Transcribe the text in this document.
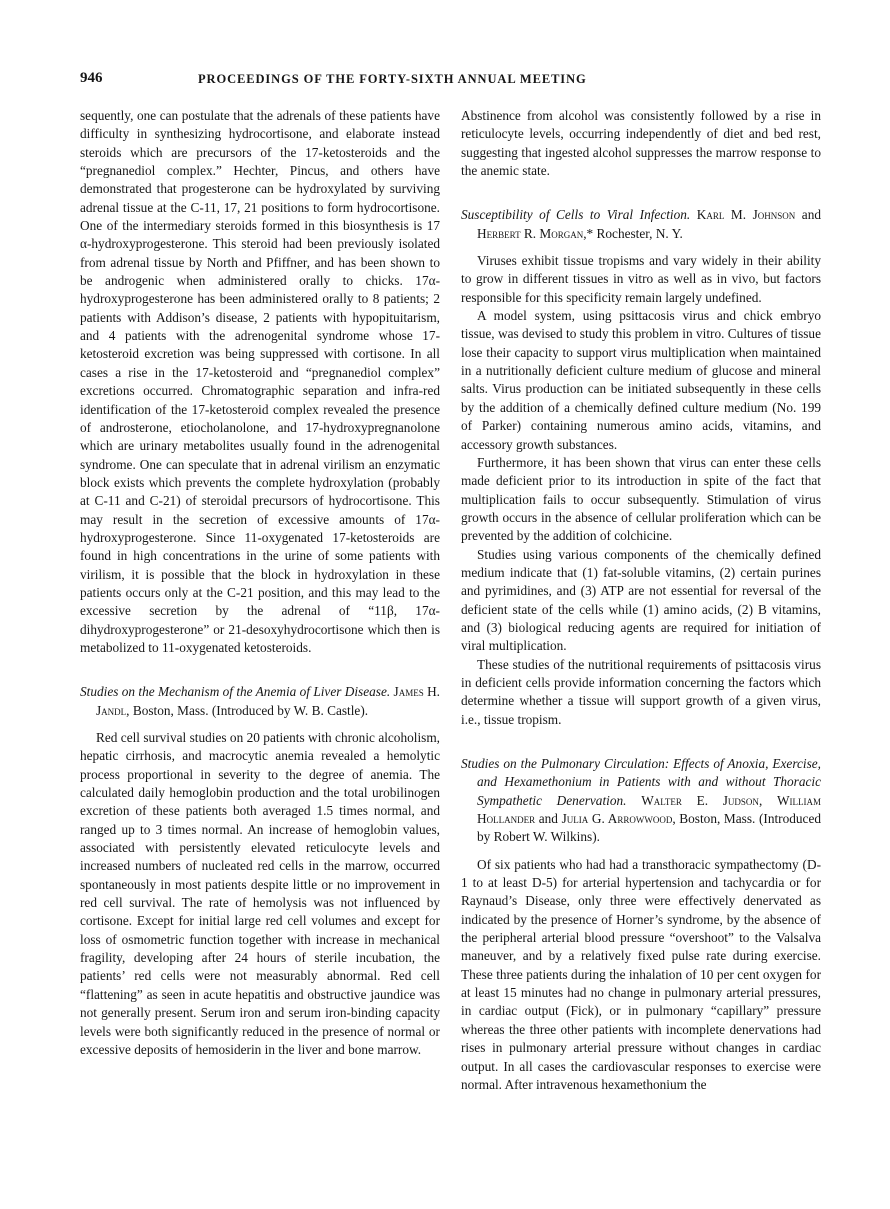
946	PROCEEDINGS OF THE FORTY-SIXTH ANNUAL MEETING

sequently, one can postulate that the adrenals of these patients have difficulty in synthesizing hydrocortisone, and elaborate instead steroids which are precursors of the 17-ketosteroids and the “pregnanediol complex.” Hechter, Pincus, and others have demonstrated that progesterone can be hydroxylated by surviving adrenal tissue at the C-11, 17, 21 positions to form hydrocortisone. One of the intermediary steroids formed in this biosynthesis is 17 α-hydroxyprogesterone. This steroid had been previously isolated from adrenal tissue by North and Pfiffner, and has been shown to be androgenic when administered orally to chicks. 17α-hydroxyprogesterone has been administered orally to 8 patients; 2 patients with Addison’s disease, 2 patients with hypopituitarism, and 4 patients with the adrenogenital syndrome whose 17-ketosteroid excretion was being suppressed with cortisone. In all cases a rise in the 17-ketosteroid and “pregnanediol complex” excretions occurred. Chromatographic separation and infra-red identification of the 17-ketosteroid complex revealed the presence of androsterone, etiocholanolone, and 17-hydroxypregnanolone which are urinary metabolites usually found in the adrenogenital syndrome. One can speculate that in adrenal virilism an enzymatic block exists which prevents the complete hydroxylation (probably at C-11 and C-21) of steroidal precursors of hydrocortisone. This may result in the secretion of excessive amounts of 17α-hydroxyprogesterone. Since 11-oxygenated 17-ketosteroids are found in high concentrations in the urine of some patients with virilism, it is possible that the block in hydroxylation in these patients occurs only at the C-21 position, and this may lead to the excessive secretion by the adrenal of “11β, 17α-dihydroxyprogesterone” or 21-desoxyhydrocortisone which then is metabolized to 11-oxygenated ketosteroids.

Studies on the Mechanism of the Anemia of Liver Disease. James H. Jandl, Boston, Mass. (Introduced by W. B. Castle).

Red cell survival studies on 20 patients with chronic alcoholism, hepatic cirrhosis, and macrocytic anemia revealed a hemolytic process proportional in severity to the degree of anemia. The calculated daily hemoglobin production and the total urobilinogen excretion of these patients both averaged 1.5 times normal, and ranged up to 3 times normal. An increase of hemoglobin values, associated with persistently elevated reticulocyte levels and increased numbers of nucleated red cells in the marrow, occurred spontaneously in most patients despite little or no improvement in red cell survival. The rate of hemolysis was not influenced by cortisone. Except for initial large red cell volumes and except for loss of osmometric function together with increase in mechanical fragility, developing after 24 hours of sterile incubation, the patients’ red cells were not measurably abnormal. Red cell “flattening” as seen in acute hepatitis and obstructive jaundice was not generally present. Serum iron and serum iron-binding capacity levels were both significantly reduced in the presence of normal or excessive deposits of hemosiderin in the liver and bone marrow.

Abstinence from alcohol was consistently followed by a rise in reticulocyte levels, occurring independently of diet and bed rest, suggesting that ingested alcohol suppresses the marrow response to the anemic state.

Susceptibility of Cells to Viral Infection. Karl M. Johnson and Herbert R. Morgan,* Rochester, N. Y.

Viruses exhibit tissue tropisms and vary widely in their ability to grow in different tissues in vitro as well as in vivo, but factors responsible for this specificity remain largely undefined.

A model system, using psittacosis virus and chick embryo tissue, was devised to study this problem in vitro. Cultures of tissue lose their capacity to support virus multiplication when maintained in a nutritionally deficient culture medium of glucose and mineral salts. Virus production can be initiated subsequently in these cells by the addition of a chemically defined culture medium (No. 199 of Parker) containing numerous amino acids, vitamins, and accessory growth substances.

Furthermore, it has been shown that virus can enter these cells made deficient prior to its introduction in spite of the fact that multiplication fails to occur subsequently. Stimulation of virus growth occurs in the absence of cellular proliferation which can be prevented by the addition of colchicine.

Studies using various components of the chemically defined medium indicate that (1) fat-soluble vitamins, (2) certain purines and pyrimidines, and (3) ATP are not essential for reversal of the deficient state of the cells while (1) amino acids, (2) B vitamins, and (3) biological reducing agents are required for initiation of viral multiplication.

These studies of the nutritional requirements of psittacosis virus in deficient cells provide information concerning the factors which determine whether a tissue will support growth of a given virus, i.e., tissue tropism.

Studies on the Pulmonary Circulation: Effects of Anoxia, Exercise, and Hexamethonium in Patients with and without Thoracic Sympathetic Denervation. Walter E. Judson, William Hollander and Julia G. Arrowwood, Boston, Mass. (Introduced by Robert W. Wilkins).

Of six patients who had had a transthoracic sympathectomy (D-1 to at least D-5) for arterial hypertension and tachycardia or for Raynaud’s Disease, only three were effectively denervated as indicated by the presence of Horner’s syndrome, by the absence of the peripheral arterial blood pressure “overshoot” to the Valsalva maneuver, and by a relatively fixed pulse rate during exercise. These three patients during the inhalation of 10 per cent oxygen for at least 15 minutes had no change in pulmonary arterial pressures, in cardiac output (Fick), or in pulmonary “capillary” pressure whereas the three other patients with incomplete denervations had rises in pulmonary arterial pressure without changes in cardiac output. In all cases the cardiovascular responses to exercise were normal. After intravenous hexamethonium the
